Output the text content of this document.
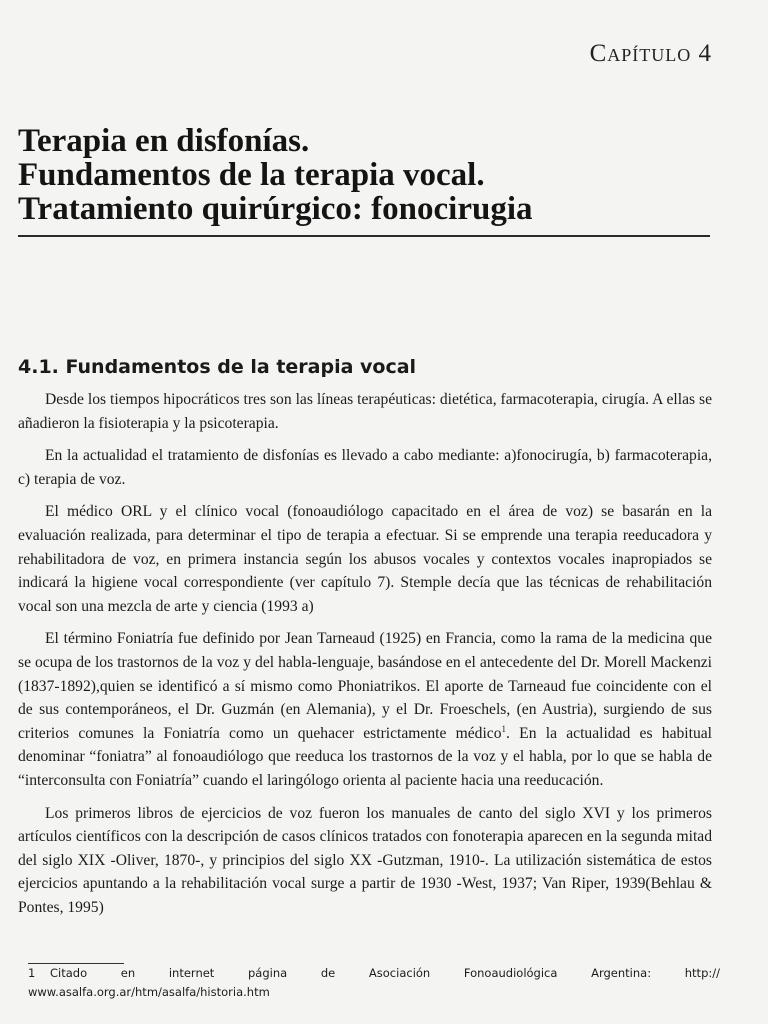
Capítulo 4
Terapia en disfonías.
Fundamentos de la terapia vocal.
Tratamiento quirúrgico: fonocirugia
4.1. Fundamentos de la terapia vocal

Desde los tiempos hipocráticos tres son las líneas terapéuticas: dietética, farmacoterapia, cirugía. A ellas se añadieron la fisioterapia y la psicoterapia.

En la actualidad el tratamiento de disfonías es llevado a cabo mediante: a)fonocirugía, b) farmacoterapia, c) terapia de voz.

El médico ORL y el clínico vocal (fonoaudiólogo capacitado en el área de voz) se basarán en la evaluación realizada, para determinar el tipo de terapia a efectuar. Si se emprende una terapia reeducadora y rehabilitadora de voz, en primera instancia según los abusos vocales y contextos vocales inapropiados se indicará la higiene vocal correspondiente (ver capítulo 7). Stemple decía que las técnicas de rehabilitación vocal son una mezcla de arte y ciencia (1993 a)

El término Foniatría fue definido por Jean Tarneaud (1925) en Francia, como la rama de la medicina que se ocupa de los trastornos de la voz y del habla-lenguaje, basándose en el antecedente del Dr. Morell Mackenzi (1837-1892),quien se identificó a sí mismo como Phoniatrikos. El aporte de Tarneaud fue coincidente con el de sus contemporáneos, el Dr. Guzmán (en Alemania), y el Dr. Froeschels, (en Austria), surgiendo de sus criterios comunes la Foniatría como un quehacer estrictamente médico$^1$. En la actualidad es habitual denominar “foniatra” al fonoaudiólogo que reeduca los trastornos de la voz y el habla, por lo que se habla de “interconsulta con Foniatría” cuando el laringólogo orienta al paciente hacia una reeducación.

Los primeros libros de ejercicios de voz fueron los manuales de canto del siglo XVI y los primeros artículos científicos con la descripción de casos clínicos tratados con fonoterapia aparecen en la segunda mitad del siglo XIX -Oliver, 1870-, y principios del siglo XX -Gutzman, 1910-. La utilización sistemática de estos ejercicios apuntando a la rehabilitación vocal surge a partir de 1930 -West, 1937; Van Riper, 1939(Behlau & Pontes, 1995)

1 Citado en internet página de Asociación Fonoaudiológica Argentina: http:// www.asalfa.org.ar/htm/asalfa/historia.htm
